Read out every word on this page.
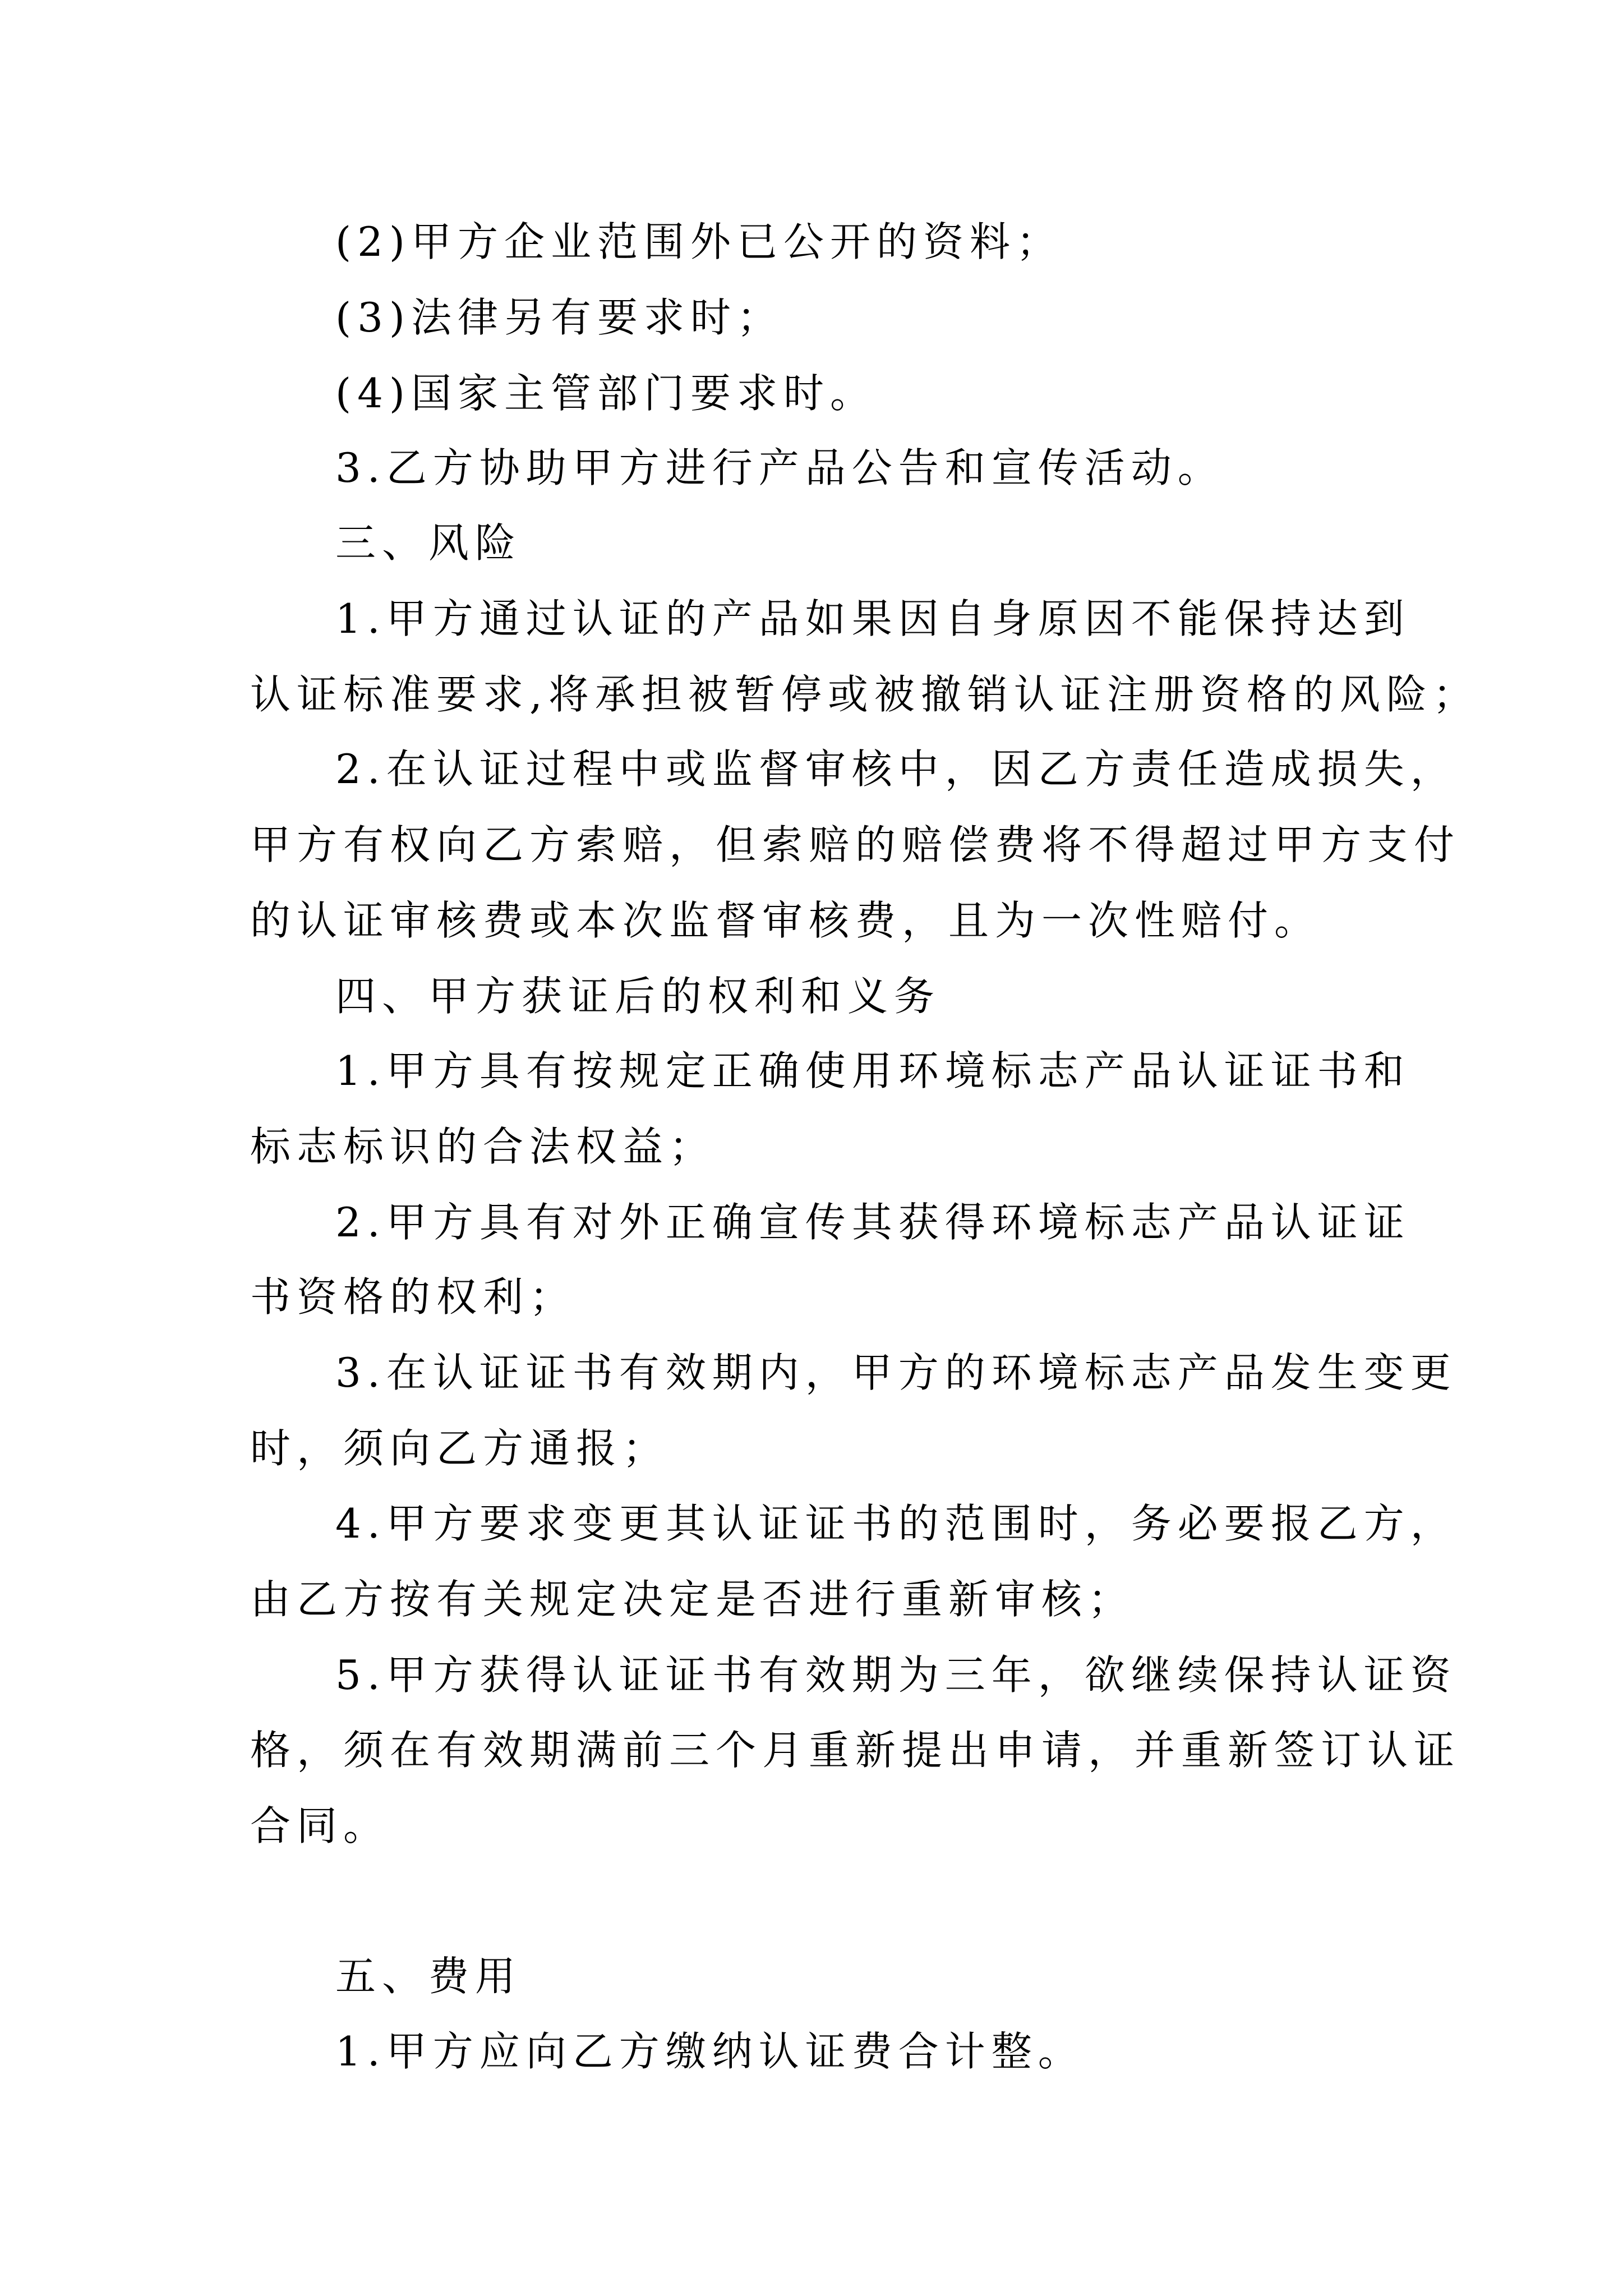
(2)甲方企业范围外已公开的资料；

(3)法律另有要求时；

(4)国家主管部门要求时。

3.乙方协助甲方进行产品公告和宣传活动。

三、风险

1.甲方通过认证的产品如果因自身原因不能保持达到

认证标准要求,将承担被暂停或被撤销认证注册资格的风险；

2.在认证过程中或监督审核中，因乙方责任造成损失，

甲方有权向乙方索赔，但索赔的赔偿费将不得超过甲方支付

的认证审核费或本次监督审核费，且为一次性赔付。

四、甲方获证后的权利和义务

1.甲方具有按规定正确使用环境标志产品认证证书和

标志标识的合法权益；

2.甲方具有对外正确宣传其获得环境标志产品认证证

书资格的权利；

3.在认证证书有效期内，甲方的环境标志产品发生变更

时，须向乙方通报；

4.甲方要求变更其认证证书的范围时，务必要报乙方，

由乙方按有关规定决定是否进行重新审核；

5.甲方获得认证证书有效期为三年，欲继续保持认证资

格，须在有效期满前三个月重新提出申请，并重新签订认证

合同。

五、费用

1.甲方应向乙方缴纳认证费合计整。
